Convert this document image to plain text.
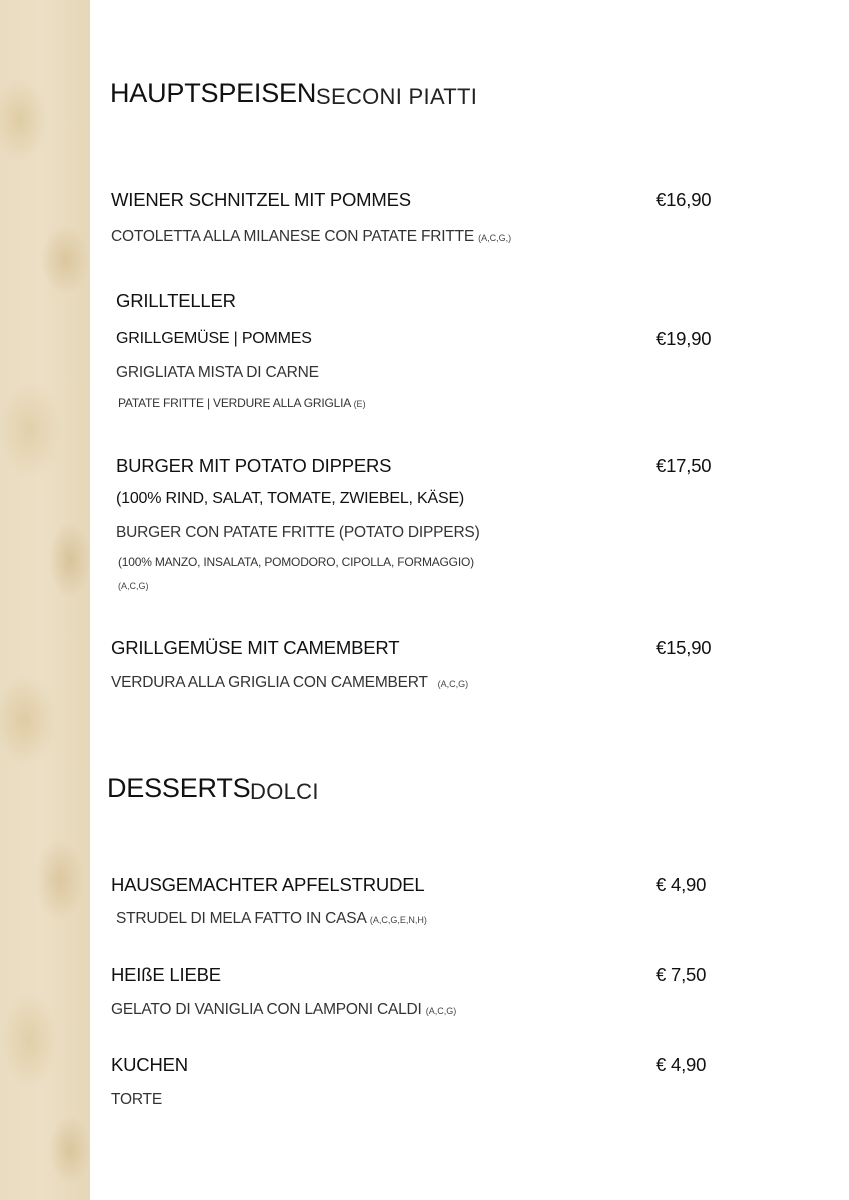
HAUPTSPEISEN SECONI PIATTI
WIENER SCHNITZEL MIT POMMES	€16,90
COTOLETTA ALLA MILANESE CON PATATE FRITTE (A,C,G,)
GRILLTELLER
GRILLGEMÜSE | POMMES	€19,90
GRIGLIATA MISTA DI CARNE
PATATE FRITTE | VERDURE ALLA GRIGLIA (E)
BURGER MIT POTATO DIPPERS	€17,50
(100% RIND, SALAT, TOMATE, ZWIEBEL, KÄSE)
BURGER CON PATATE FRITTE (POTATO DIPPERS)
(100% MANZO, INSALATA, POMODORO, CIPOLLA, FORMAGGIO)
(A,C,G)
GRILLGEMÜSE MIT CAMEMBERT	€15,90
VERDURA ALLA GRIGLIA CON CAMEMBERT (A,C,G)
DESSERTS DOLCI
HAUSGEMACHTER APFELSTRUDEL	€ 4,90
STRUDEL DI MELA FATTO IN CASA (A,C,G,E,N,H)
HEIßE LIEBE	€ 7,50
GELATO DI VANIGLIA CON LAMPONI CALDI (A,C,G)
KUCHEN	€ 4,90
TORTE
